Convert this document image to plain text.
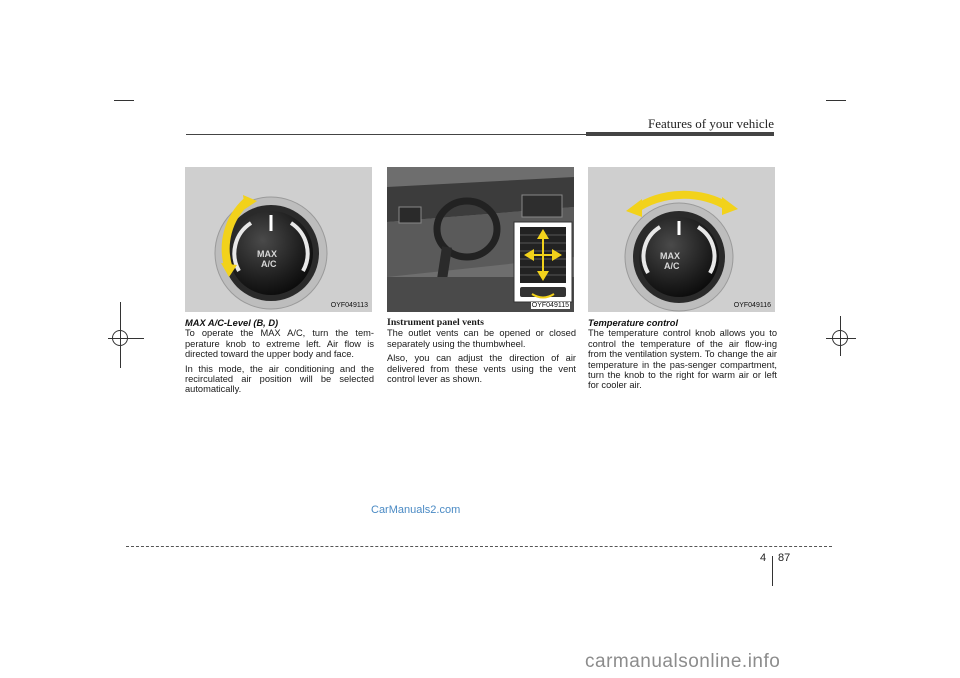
Features of your vehicle
MAX
A/C
OYF049113	OYF049115
MAX
A/C
OYF049116
MAX A/C-Level (B, D)

To operate the MAX A/C, turn the tem-perature knob to extreme left. Air flow is directed toward the upper body and face.

In this mode, the air conditioning and the recirculated air position will be selected automatically.

Instrument panel vents

The outlet vents can be opened or closed separately using the thumbwheel.

Also, you can adjust the direction of air delivered from these vents using the vent control lever as shown.

Temperature control

The temperature control knob allows you to control the temperature of the air flow-ing from the ventilation system. To change the air temperature in the pas-senger compartment, turn the knob to the right for warm air or left for cooler air.

CarManuals2.com
4 87
carmanualsonline.info
